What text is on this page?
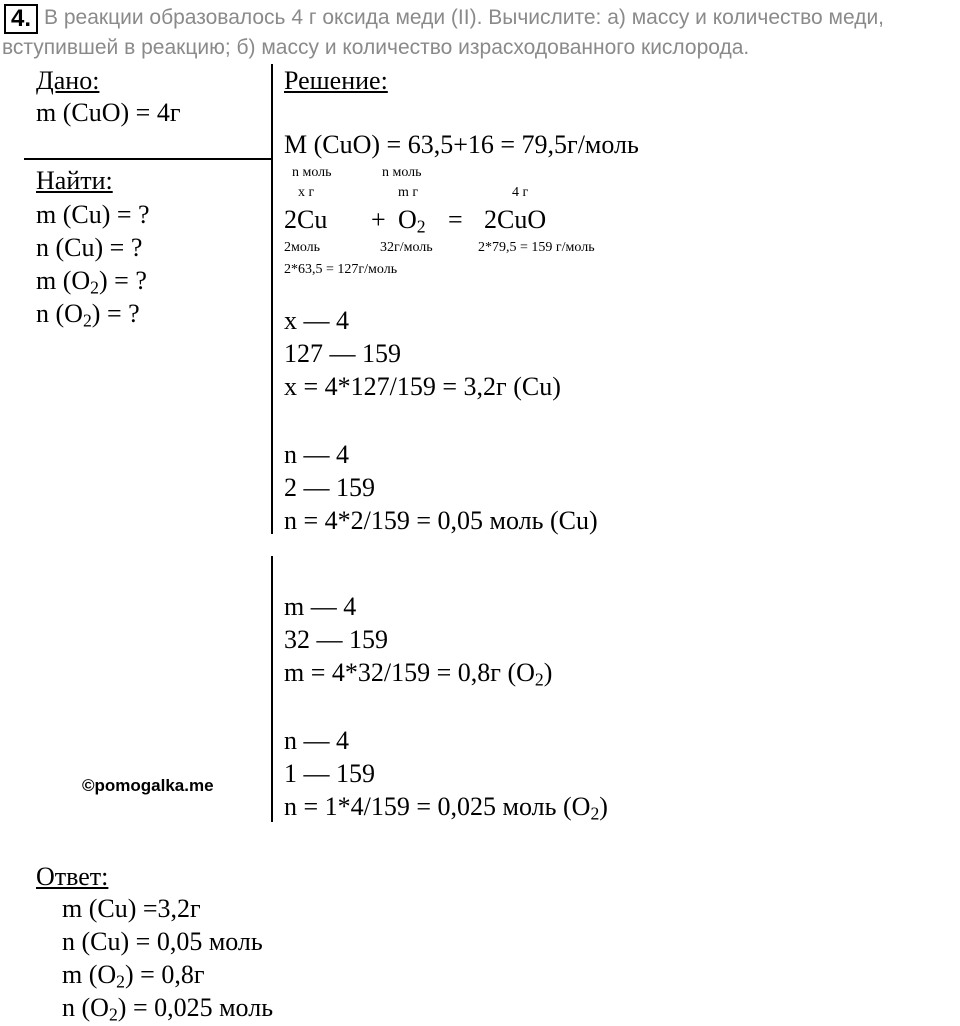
4. В реакции образовалось 4 г оксида меди (II). Вычислите: а) массу и количество меди,
вступившей в реакцию; б) массу и количество израсходованного кислорода.
Дано:
m (CuO) = 4г
Найти:
m (Cu) = ?
n (Cu) = ?
m $(O_2)$ = ?
n $(O_2)$ = ?
Решение:
M (CuO) = 63,5+16 = 79,5г/моль
n моль	n моль
x г	m г	4 г
$2Cu + O_2 = 2CuO$
2моль	32г/моль	2*79,5 = 159 г/моль
2*63,5 = 127г/моль
x — 4
127 — 159
x = 4*127/159 = 3,2г (Cu)
n — 4
2 — 159
n = 4*2/159 = 0,05 моль (Cu)
m — 4
32 — 159
m = 4*32/159 = 0,8г $(O_2)$
n — 4
1 — 159
n = 1*4/159 = 0,025 моль $(O_2)$
©pomogalka.me
Ответ:
m (Cu) =3,2г
n (Cu) = 0,05 моль
m $(O_2) = 0,8г$
n $(O_2) = 0,025$ моль
